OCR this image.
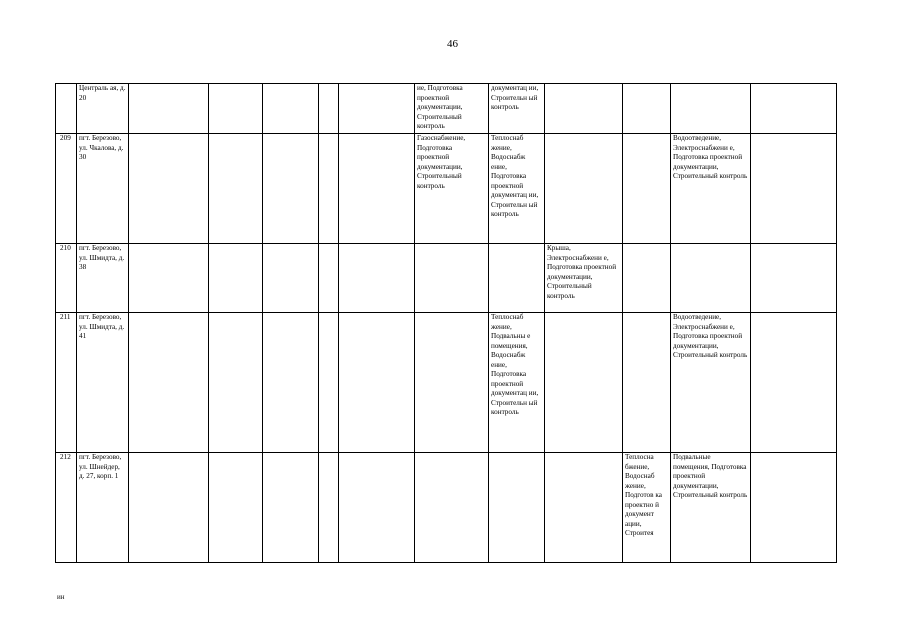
46
	Централь ая, д. 20						ие, Подготовка проектной документации, Строительный контроль	документац ии, Строительн ый контроль				
209	пгт. Березово, ул. Чкалова, д. 30						Газоснабжение, Подготовка проектной документации, Строительный контроль	Теплоснаб жение, Водоснабж ение, Подготовка проектной документац ии, Строительн ый контроль			Водоотведение, Электроснабжени е, Подготовка проектной документации, Строительный контроль	
210	пгт. Березово, ул. Шмидта, д. 38								Крыша, Электроснабжени е, Подготовка проектной документации, Строительный контроль			
211	пгт. Березово, ул. Шмидта, д. 41							Теплоснаб жение, Подвальны е помещения, Водоснабж ение, Подготовка проектной документац ии, Строительн ый контроль			Водоотведение, Электроснабжени е, Подготовка проектной документации, Строительный контроль	
212	пгт. Березово, ул. Шнейдер, д. 27, корп. 1									Теплосна бжение, Водоснаб жение, Подготов ка проектно й документ ации, Строитея	Подвальные помещения, Подготовка проектной документации, Строительный контроль	
ин
